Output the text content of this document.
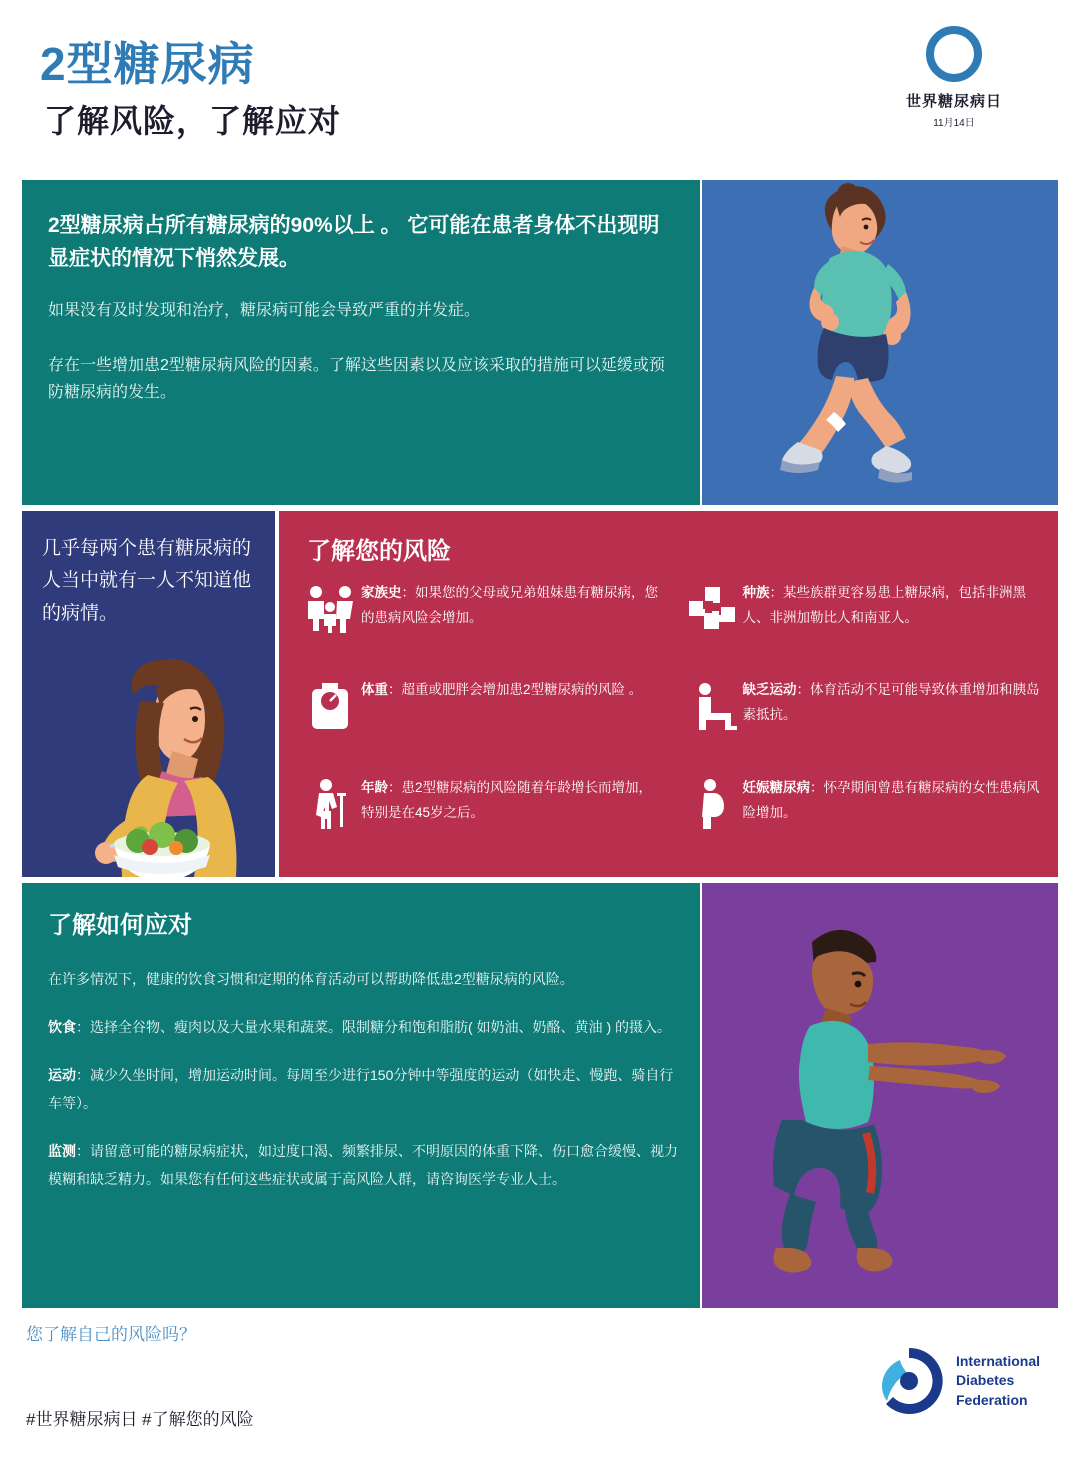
2型糖尿病
了解风险，了解应对
世界糖尿病日
11月14日
2型糖尿病占所有糖尿病的90%以上 。 它可能在患者身体不出现明显症状的情况下悄然发展。
如果没有及时发现和治疗，糖尿病可能会导致严重的并发症。
存在一些增加患2型糖尿病风险的因素。了解这些因素以及应该采取的措施可以延缓或预防糖尿病的发生。
几乎每两个患有糖尿病的人当中就有一人不知道他的病情。
了解您的风险
家族史：如果您的父母或兄弟姐妹患有糖尿病，您的患病风险会增加。
种族：某些族群更容易患上糖尿病，包括非洲黑人、非洲加勒比人和南亚人。
体重：超重或肥胖会增加患2型糖尿病的风险 。	缺乏运动：体育活动不足可能导致体重增加和胰岛素抵抗。
年龄：患2型糖尿病的风险随着年龄增长而增加，特别是在45岁之后。
妊娠糖尿病：怀孕期间曾患有糖尿病的女性患病风险增加。
了解如何应对

在许多情况下，健康的饮食习惯和定期的体育活动可以帮助降低患2型糖尿病的风险。

饮食：选择全谷物、瘦肉以及大量水果和蔬菜。限制糖分和饱和脂肪( 如奶油、奶酪、黄油 ) 的摄入。

运动：减少久坐时间，增加运动时间。每周至少进行150分钟中等强度的运动（如快走、慢跑、骑自行车等）。

监测：请留意可能的糖尿病症状，如过度口渴、频繁排尿、不明原因的体重下降、伤口愈合缓慢、视力模糊和缺乏精力。如果您有任何这些症状或属于高风险人群，请咨询医学专业人士。

您了解自己的风险吗？
#世界糖尿病日 #了解您的风险
International
Diabetes
Federation
